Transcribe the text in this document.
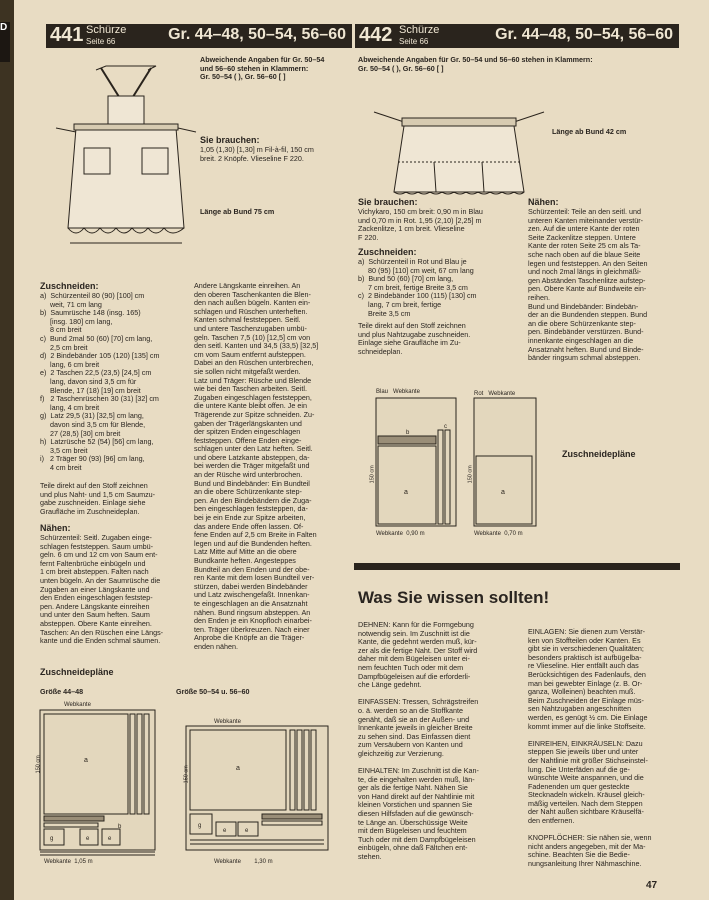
D 441 Schürze
Seite 66	Gr. 44–48, 50–54, 56–60 442 Schürze
Seite 66	Gr. 44–48, 50–54, 56–60
Abweichende Angaben für Gr. 50–54
und 56–60 stehen in Klammern:
Gr. 50–54 ( ), Gr. 56–60 [ ]
Sie brauchen:
1,05 (1,30) [1,30] m Fil-à-fil, 150 cm
breit. 2 Knöpfe. Vlieseline F 220.
Länge ab Bund 75 cm
Zuschneiden:
a)  Schürzenteil 80 (90) [100] cm
weit, 71 cm lang
b)  Saumrüsche 148 (insg. 165)
[insg. 180] cm lang,
8 cm breit
c)  Bund 2mal 50 (60) [70] cm lang,
2,5 cm breit
d)  2 Bindebänder 105 (120) [135] cm
lang, 6 cm breit
e)  2 Taschen 22,5 (23,5) [24,5] cm
lang, davon sind 3,5 cm für
Blende, 17 (18) [19] cm breit
f)   2 Taschenrüschen 30 (31) [32] cm
lang, 4 cm breit
g)  Latz 29,5 (31) [32,5] cm lang,
davon sind 3,5 cm für Blende,
27 (28,5) [30] cm breit
h)  Latzrüsche 52 (54) [56] cm lang,
3,5 cm breit
i)   2 Träger 90 (93) [96] cm lang,
4 cm breit
Teile direkt auf den Stoff zeichnen
und plus Naht- und 1,5 cm Saumzu-
gabe zuschneiden. Einlage siehe
Graufläche im Zuschneideplan.
Nähen:
Schürzenteil: Seitl. Zugaben einge-
schlagen feststeppen. Saum umbü-
geln. 6 cm und 12 cm von Saum ent-
fernt Faltenbrüche einbügeln und
1 cm breit absteppen. Falten nach
unten bügeln. An der Saumrüsche die
Zugaben an einer Längskante und
den Enden eingeschlagen feststep-
pen. Andere Längskante einreihen
und unter den Saum heften. Saum
absteppen. Obere Kante einreihen.
Taschen: An den Rüschen eine Längs-
kante und die Enden schmal säumen.
Andere Längskante einreihen. An
den oberen Taschenkanten die Blen-
den nach außen bügeln. Kanten ein-
schlagen und Rüschen unterheften.
Kanten schmal feststeppen. Seitl.
und untere Taschenzugaben umbü-
geln. Taschen 7,5 (10) [12,5] cm von
den seitl. Kanten und 34,5 (33,5) [32,5]
cm vom Saum entfernt aufsteppen.
Dabei an den Rüschen unterbrechen,
sie sollen nicht mitgefaßt werden.
Latz und Träger: Rüsche und Blende
wie bei den Taschen arbeiten. Seitl.
Zugaben eingeschlagen feststeppen,
die untere Kante bleibt offen. Je ein
Trägerende zur Spitze schneiden. Zu-
gaben der Trägerlängskanten und
der spitzen Enden eingeschlagen
feststeppen. Offene Enden einge-
schlagen unter den Latz heften. Seitl.
und obere Latzkante absteppen, da-
bei werden die Träger mitgefaßt und
an der Rüsche wird unterbrochen.
Bund und Bindebänder: Ein Bundteil
an die obere Schürzenkante step-
pen. An den Bindebändern die Zuga-
ben eingeschlagen feststeppen, da-
bei je ein Ende zur Spitze arbeiten,
das andere Ende offen lassen. Of-
fene Enden auf 2,5 cm Breite in Falten
legen und auf die Bundenden heften.
Latz Mitte auf Mitte an die obere
Bundkante heften. Angesteppes
Bundteil an den Enden und der obe-
ren Kante mit dem losen Bundteil ver-
stürzen, dabei werden Bindebänder
und Latz zwischengefaßt. Innenkan-
te eingeschlagen an die Ansatznaht
nähen. Bund ringsum absteppen. An
den Enden je ein Knopfloch einarbei-
ten. Träger überkreuzen. Nach einer
Anprobe die Knöpfe an die Träger-
enden nähen.
Zuschneidepläne
Größe 44–48	Größe 50–54 u. 56–60
Webkante
a
b
g	e	e
150 cm
Webkante  1,05 m
Webkante
a
g
e	e
150 cm
Webkante        1,30 m
Abweichende Angaben für Gr. 50–54 und 56–60 stehen in Klammern:
Gr. 50–54 ( ), Gr. 56–60 [ ]
Länge ab Bund 42 cm
Sie brauchen:
Vichykaro, 150 cm breit: 0,90 m in Blau
und 0,70 m in Rot. 1,95 (2,10) [2,25] m
Zackenlitze, 1 cm breit. Vlieseline
F 220.
Zuschneiden:
a)  Schürzenteil in Rot und Blau je
80 (95) [110] cm weit, 67 cm lang
b)  Bund 50 (60) [70] cm lang,
7 cm breit, fertige Breite 3,5 cm
c)  2 Bindebänder 100 (115) [130] cm
lang, 7 cm breit, fertige
Breite 3,5 cm
Teile direkt auf den Stoff zeichnen
und plus Nahtzugabe zuschneiden.
Einlage siehe Graufläche im Zu-
schneideplan.
Nähen:
Schürzenteil: Teile an den seitl. und
unteren Kanten miteinander verstür-
zen. Auf die untere Kante der roten
Seite Zackenlitze steppen. Untere
Kante der roten Seite 25 cm als Ta-
sche nach oben auf die blaue Seite
legen und feststeppen. An den Seiten
und noch 2mal längs in gleichmäßi-
gen Abständen Taschenlitze aufstep-
pen. Obere Kante auf Bundweite ein-
reihen.
Bund und Bindebänder: Bindebän-
der an die Bundenden steppen. Bund
an die obere Schürzenkante step-
pen. Bindebänder verstürzen. Bund-
innenkante eingeschlagen an die
Ansatznaht heften. Bund und Binde-
bänder ringsum schmal absteppen.
Blau   Webkante
b
c
a
150 cm
Webkante  0,90 m
Rot   Webkante
a
150 cm
Webkante  0,70 m
Zuschneidepläne
Was Sie wissen sollten!
DEHNEN: Kann für die Formgebung
notwendig sein. Im Zuschnitt ist die
Kante, die gedehnt werden muß, kür-
zer als die fertige Naht. Der Stoff wird
daher mit dem Bügeleisen unter ei-
nem feuchten Tuch oder mit dem
Dampfbügeleisen auf die erforderli-
che Länge gedehnt.

EINFASSEN: Tressen, Schrägstreifen
o. ä. werden so an die Stoffkante
genäht, daß sie an der Außen- und
Innenkante jeweils in gleicher Breite
zu sehen sind. Das Einfassen dient
zum Versäubern von Kanten und
gleichzeitig zur Verzierung.

EINHALTEN: Im Zuschnitt ist die Kan-
te, die eingehalten werden muß, län-
ger als die fertige Naht. Nähen Sie
von Hand direkt auf der Nahtlinie mit
kleinen Vorstichen und spannen Sie
diesen Hilfsfaden auf die gewünsch-
te Länge an. Überschüssige Weite
mit dem Bügeleisen und feuchtem
Tuch oder mit dem Dampfbügeleisen
einbügeln, ohne daß Fältchen ent-
stehen.
EINLAGEN: Sie dienen zum Verstär-
ken von Stoffteilen oder Kanten. Es
gibt sie in verschiedenen Qualitäten;
besonders praktisch ist aufbügelba-
re Vlieseline. Hier entfällt auch das
Berücksichtigen des Fadenlaufs, den
man bei gewebter Einlage (z. B. Or-
ganza, Wolleinen) beachten muß.
Beim Zuschneiden der Einlage müs-
sen Nahtzugaben angeschnitten
werden, es genügt ½ cm. Die Einlage
kommt immer auf die linke Stoffseite.

EINREIHEN, EINKRÄUSELN: Dazu
steppen Sie jeweils über und unter
der Nahtlinie mit größer Stichseinstel-
lung. Die Unterfäden auf die ge-
wünschte Weite anspannen, und die
Fadenenden um quer gesteckte
Stecknadeln wickeln. Kräusel gleich-
mäßig verteilen. Nach dem Steppen
der Naht außen sichtbare Kräuselfä-
den entfernen.

KNOPFLÖCHER: Sie nähen sie, wenn
nicht anders angegeben, mit der Ma-
schine. Beachten Sie die Bedie-
nungsanleitung Ihrer Nähmaschine.
47
